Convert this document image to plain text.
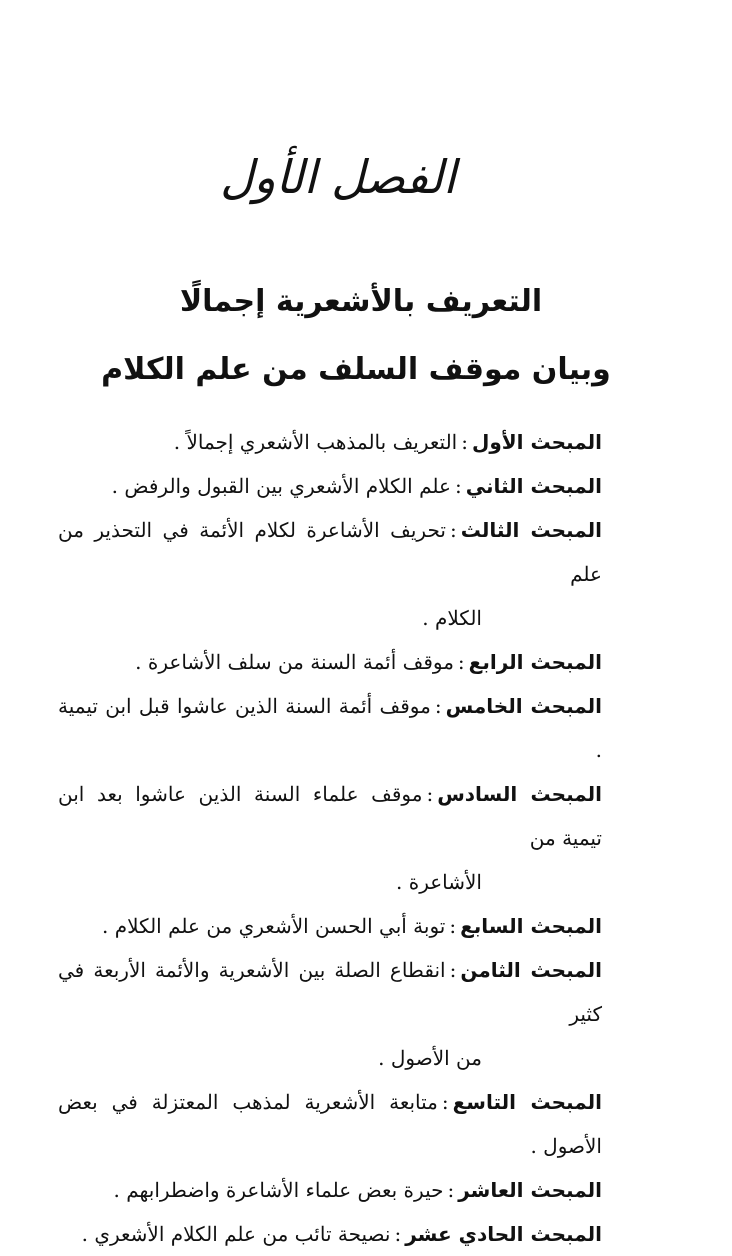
الفصل الأول
التعريف بالأشعرية إجمالًا
وبيان موقف السلف من علم الكلام

المبحث الأول:التعريف بالمذهب الأشعري إجمالاً .

المبحث الثاني:علم الكلام الأشعري بين القبول والرفض .

المبحث الثالث:تحريف الأشاعرة لكلام الأئمة في التحذير من علم
الكلام .

المبحث الرابع:موقف أئمة السنة من سلف الأشاعرة .

المبحث الخامس:موقف أئمة السنة الذين عاشوا قبل ابن تيمية .

المبحث السادس:موقف علماء السنة الذين عاشوا بعد ابن تيمية من
الأشاعرة .

المبحث السابع:توبة أبي الحسن الأشعري من علم الكلام .

المبحث الثامن:انقطاع الصلة بين الأشعرية والأئمة الأربعة في كثير
من الأصول .

المبحث التاسع:متابعة الأشعرية لمذهب المعتزلة في بعض الأصول .

المبحث العاشر:حيرة بعض علماء الأشاعرة واضطرابهم .

المبحث الحادي عشر:نصيحة تائب من علم الكلام الأشعري .
